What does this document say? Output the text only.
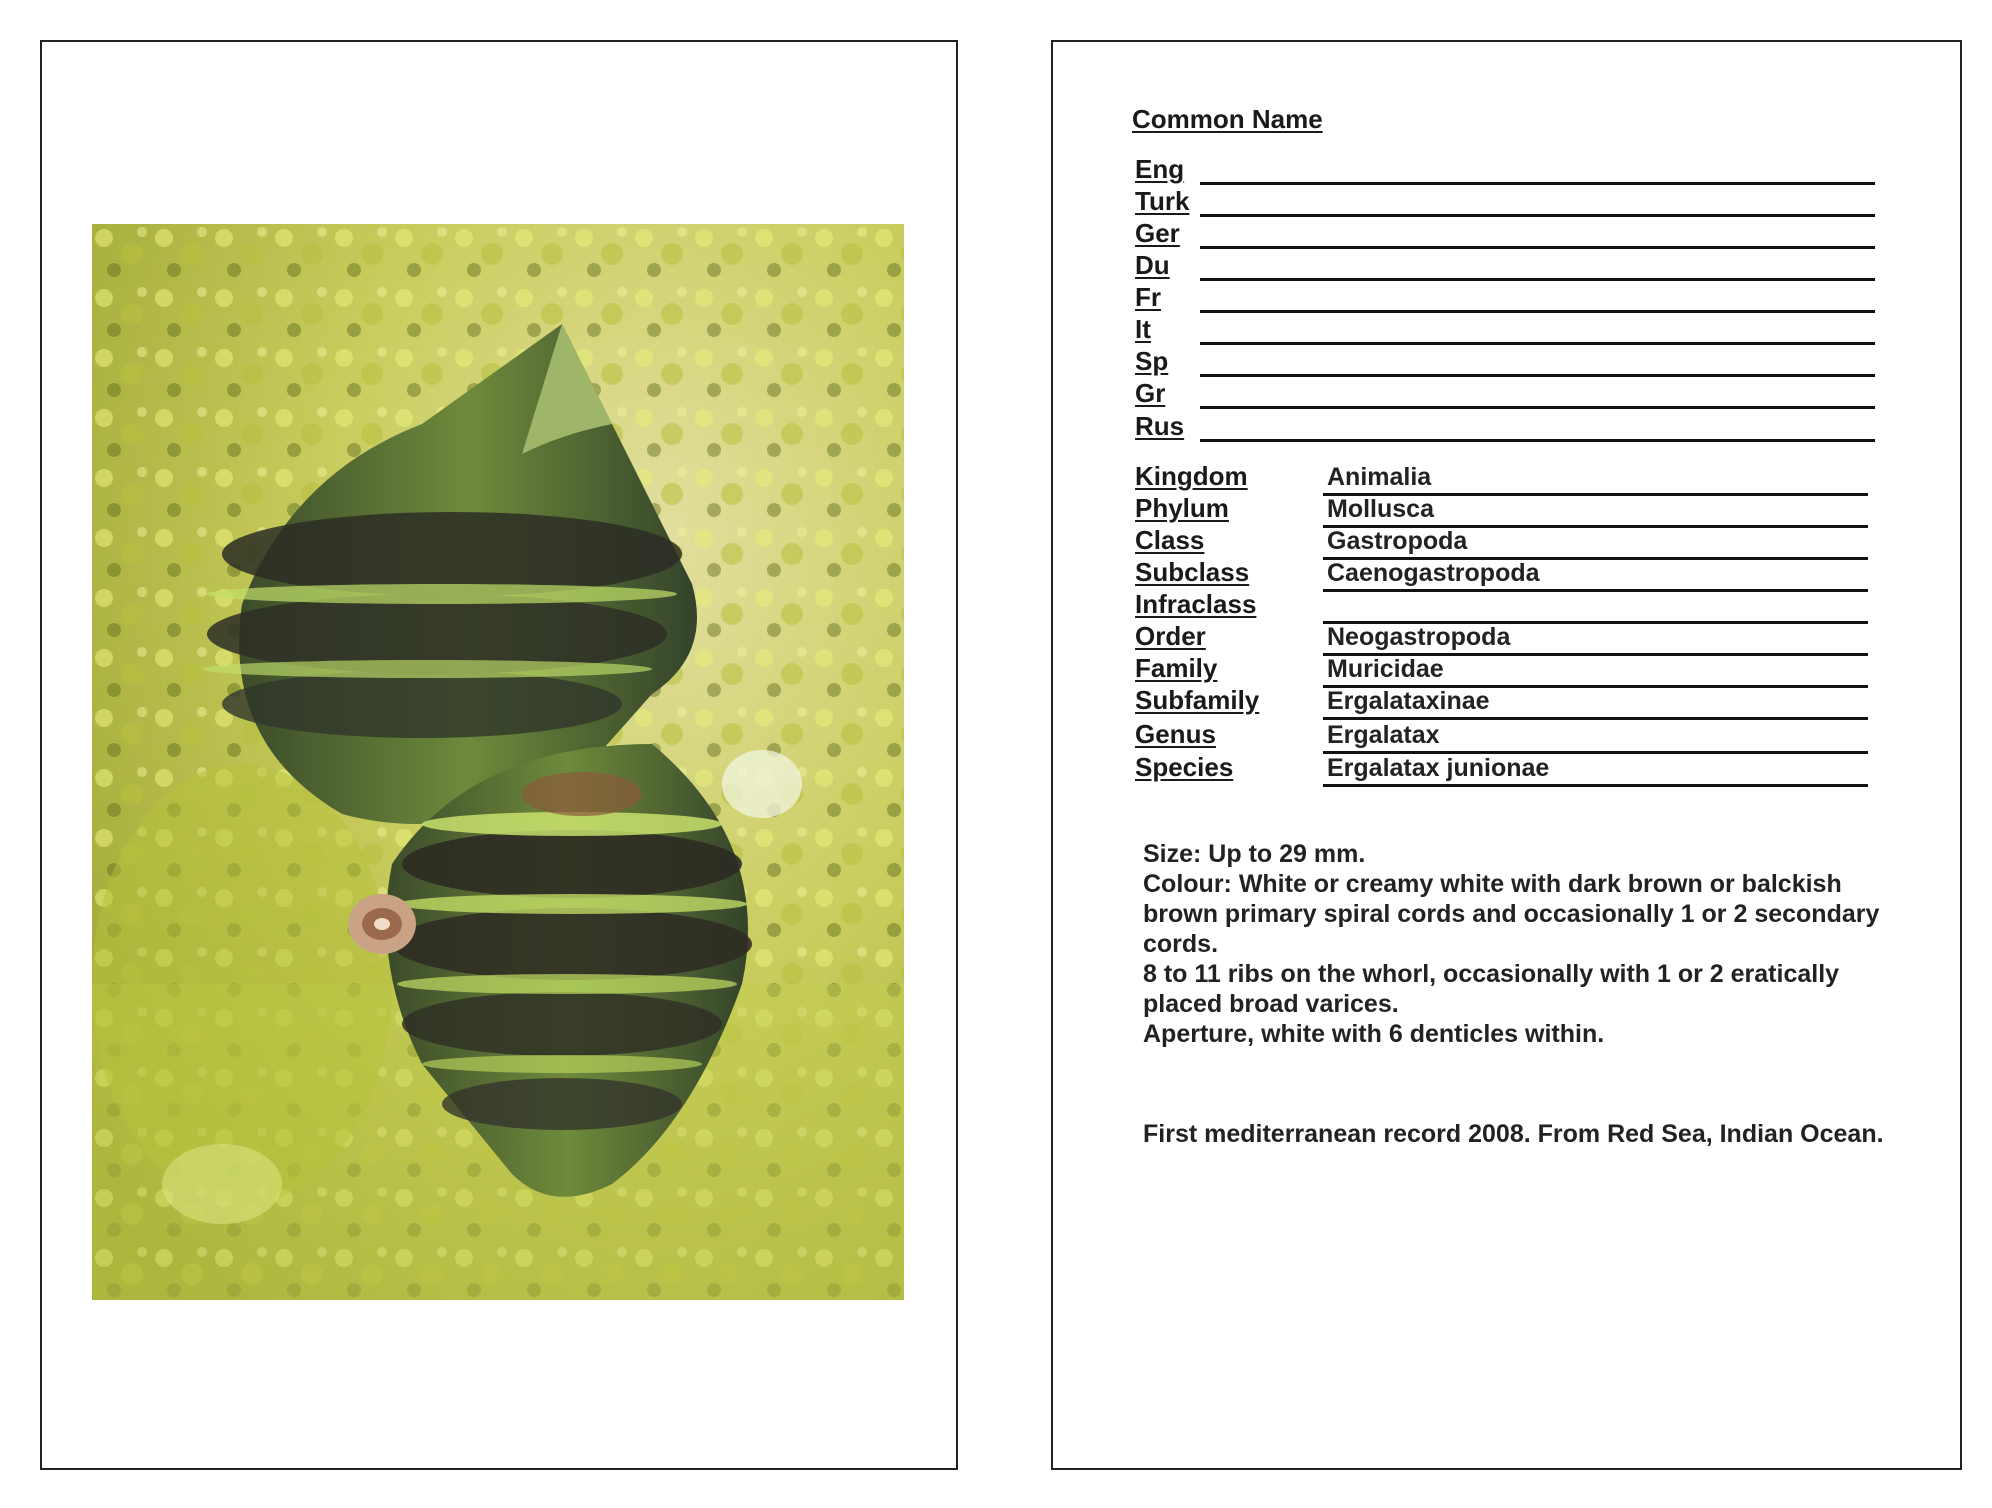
Common Name
Eng
Turk
Ger
Du
Fr
It
Sp
Gr
Rus
Kingdom	Animalia
Phylum	Mollusca
Class	Gastropoda
Subclass	Caenogastropoda
Infraclass
Order	Neogastropoda
Family	Muricidae
Subfamily	Ergalataxinae
Genus	Ergalatax
Species	Ergalatax junionae
Size: Up to 29 mm.
Colour: White or creamy white with dark brown or balckish brown primary spiral cords and occasionally 1 or 2 secondary cords.
8 to 11 ribs on the whorl, occasionally with 1 or 2 eratically placed broad varices.
Aperture, white with 6 denticles within.
First mediterranean record 2008. From Red Sea, Indian Ocean.
